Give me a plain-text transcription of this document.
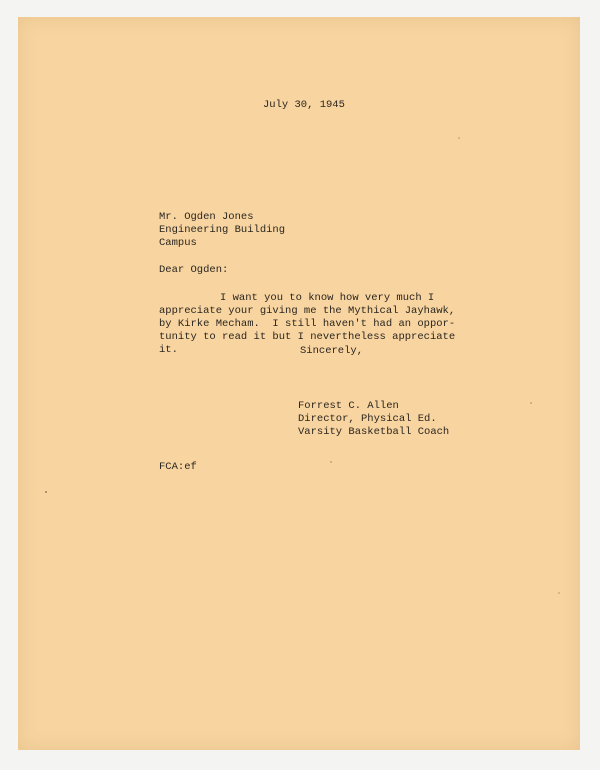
July 30, 1945

Mr. Ogden Jones

Engineering Building

Campus

Dear Ogden:

I want you to know how very much I

appreciate your giving me the Mythical Jayhawk,

by Kirke Mecham.  I still haven't had an oppor-

tunity to read it but I nevertheless appreciate

it.	Sincerely,

Forrest C. Allen

Director, Physical Ed.

Varsity Basketball Coach

FCA:ef
